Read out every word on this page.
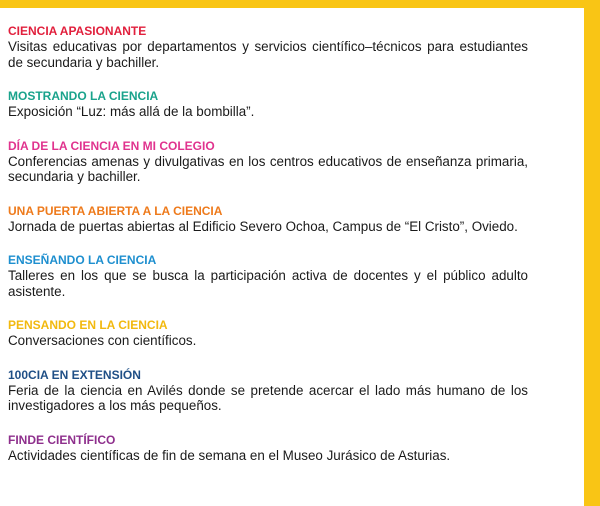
CIENCIA APASIONANTE
Visitas educativas por departamentos y servicios científico–técnicos para estudiantes de secundaria y bachiller.
MOSTRANDO LA CIENCIA
Exposición “Luz: más allá de la bombilla”.
DÍA DE LA CIENCIA EN MI COLEGIO
Conferencias amenas y divulgativas en los centros educativos de enseñanza primaria, secundaria y bachiller.
UNA PUERTA ABIERTA A LA CIENCIA
Jornada de puertas abiertas al Edificio Severo Ochoa, Campus de “El Cristo”, Oviedo.
ENSEÑANDO LA CIENCIA
Talleres en los que se busca la participación activa de docentes y el público adulto asistente.
PENSANDO EN LA CIENCIA
Conversaciones con científicos.
100CIA EN EXTENSIÓN
Feria de la ciencia en Avilés donde se pretende acercar el lado más humano de los investigadores a los más pequeños.
FINDE CIENTÍFICO
Actividades científicas de fin de semana en el Museo Jurásico de Asturias.
